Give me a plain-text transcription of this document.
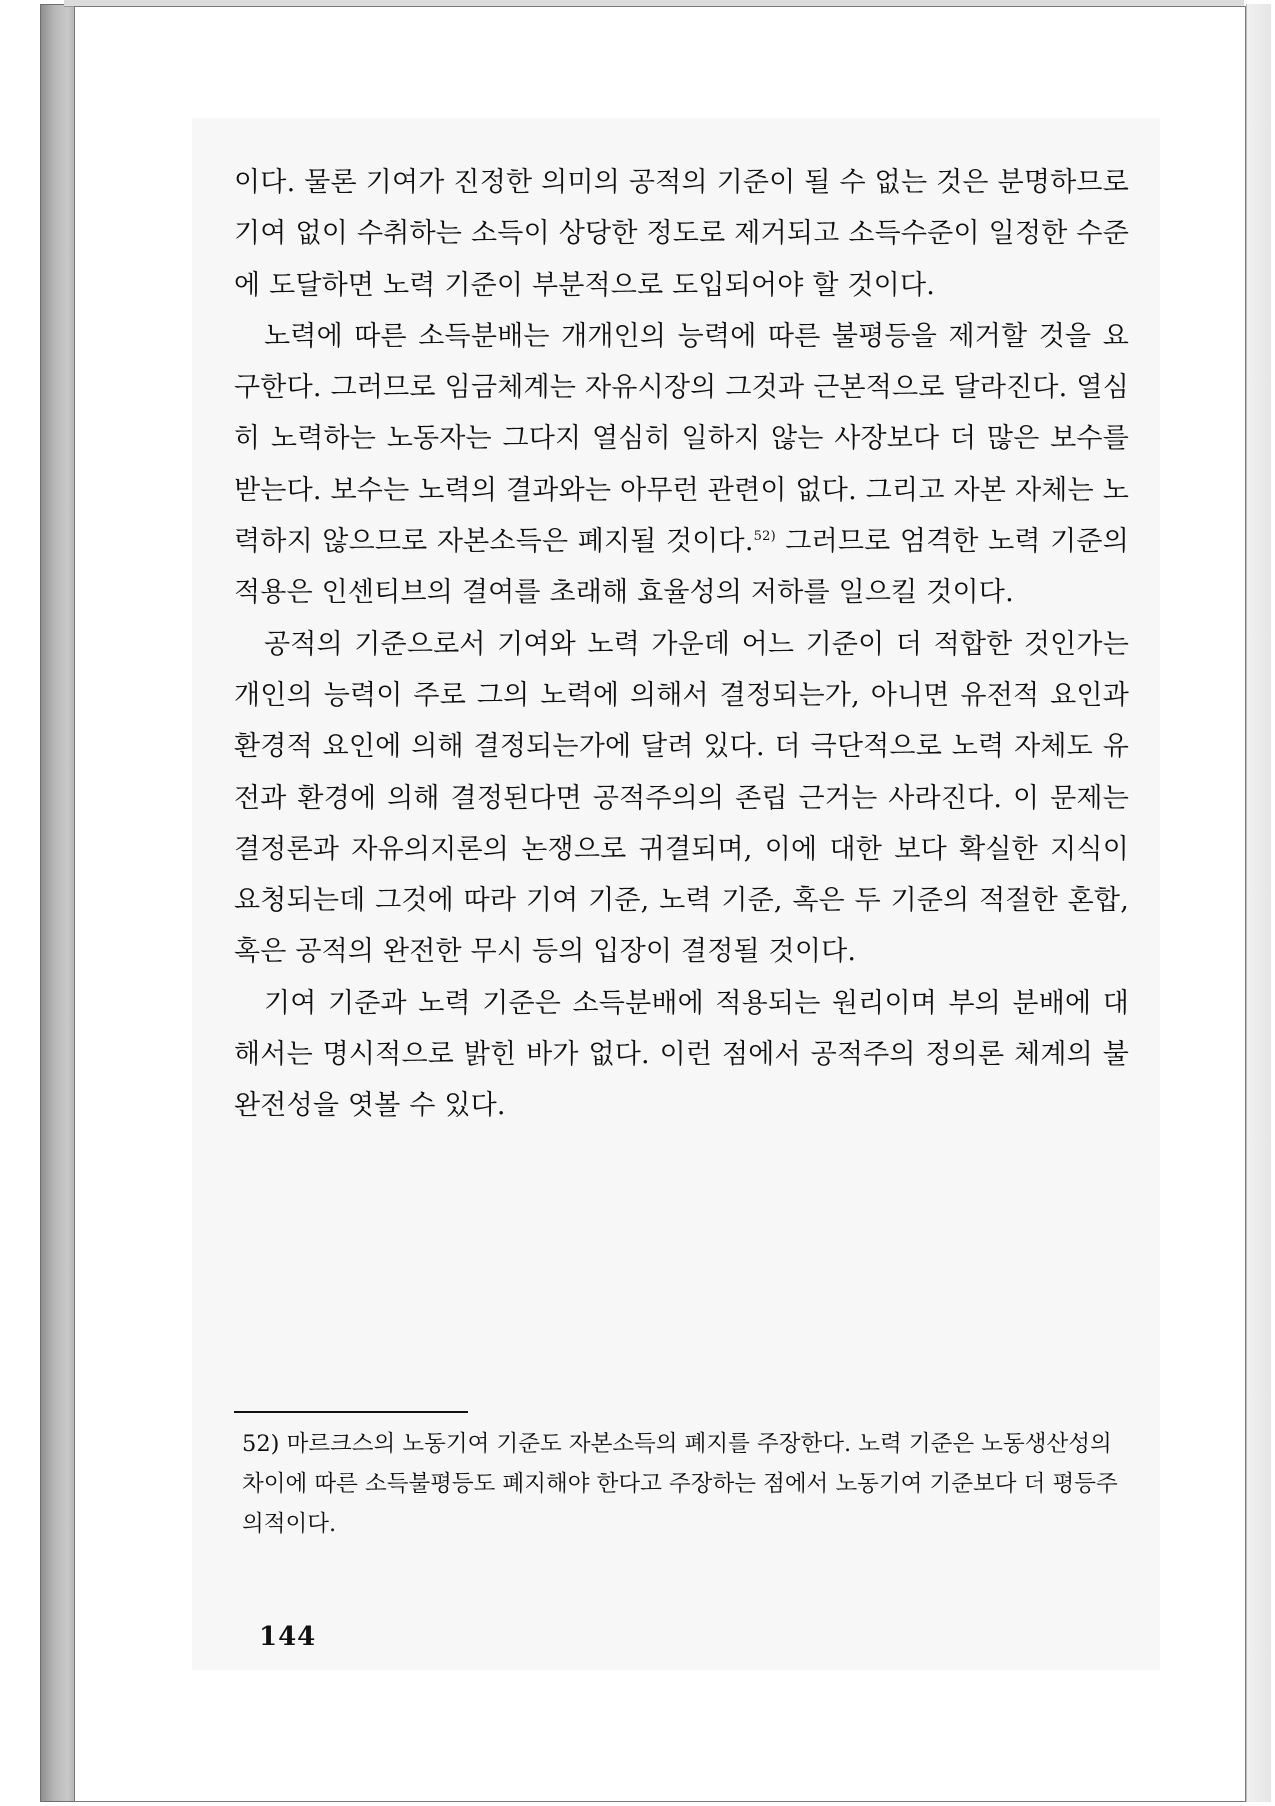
이다. 물론 기여가 진정한 의미의 공적의 기준이 될 수 없는 것은 분명하므로 기여 없이 수취하는 소득이 상당한 정도로 제거되고 소득수준이 일정한 수준에 도달하면 노력 기준이 부분적으로 도입되어야 할 것이다.

노력에 따른 소득분배는 개개인의 능력에 따른 불평등을 제거할 것을 요구한다. 그러므로 임금체계는 자유시장의 그것과 근본적으로 달라진다. 열심히 노력하는 노동자는 그다지 열심히 일하지 않는 사장보다 더 많은 보수를 받는다. 보수는 노력의 결과와는 아무런 관련이 없다. 그리고 자본 자체는 노력하지 않으므로 자본소득은 폐지될 것이다.$^{52)}$ 그러므로 엄격한 노력 기준의 적용은 인센티브의 결여를 초래해 효율성의 저하를 일으킬 것이다.

공적의 기준으로서 기여와 노력 가운데 어느 기준이 더 적합한 것인가는 개인의 능력이 주로 그의 노력에 의해서 결정되는가, 아니면 유전적 요인과 환경적 요인에 의해 결정되는가에 달려 있다. 더 극단적으로 노력 자체도 유전과 환경에 의해 결정된다면 공적주의의 존립 근거는 사라진다. 이 문제는 결정론과 자유의지론의 논쟁으로 귀결되며, 이에 대한 보다 확실한 지식이 요청되는데 그것에 따라 기여 기준, 노력 기준, 혹은 두 기준의 적절한 혼합, 혹은 공적의 완전한 무시 등의 입장이 결정될 것이다.

기여 기준과 노력 기준은 소득분배에 적용되는 원리이며 부의 분배에 대해서는 명시적으로 밝힌 바가 없다. 이런 점에서 공적주의 정의론 체계의 불완전성을 엿볼 수 있다.

52) 마르크스의 노동기여 기준도 자본소득의 폐지를 주장한다. 노력 기준은 노동생산성의 차이에 따른 소득불평등도 폐지해야 한다고 주장하는 점에서 노동기여 기준보다 더 평등주의적이다.
144
